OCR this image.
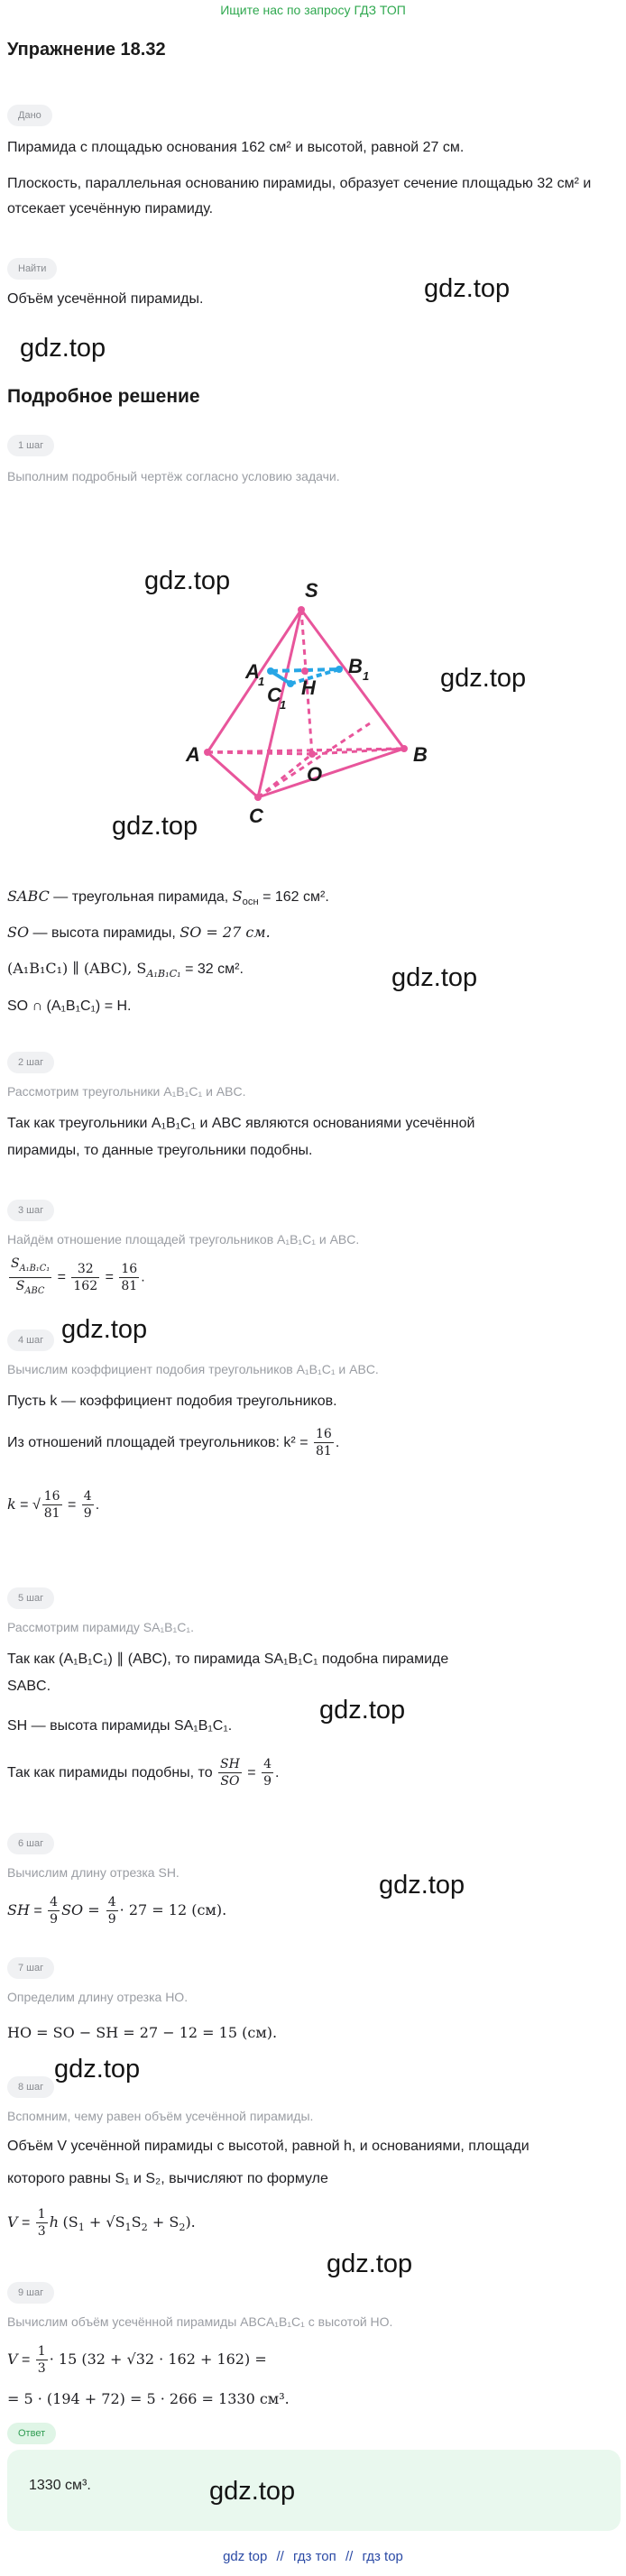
Ищите нас по запросу ГДЗ ТОП
Упражнение 18.32
Дано
Пирамида с площадью основания 162 см² и высотой, равной 27 см.
Плоскость, параллельная основанию пирамиды, образует сечение площадью 32 см² и отсекает усечённую пирамиду.
Найти
Объём усечённой пирамиды.	gdz.top
gdz.top
Подробное решение
1 шаг
Выполним подробный чертёж согласно условию задачи.
gdz.top
gdz.top
gdz.top
S
A
1
B 1
C
1
H
A	B
C
O
SABC — треугольная пирамида, $S_{осн} = 162$ см².
SO — высота пирамиды, SO = 27 см.
(A₁B₁C₁) ∥ (ABC), $S_{A_1B_1C_1} = 32$ см².
SO ∩ (A₁B₁C₁) = H.
gdz.top
2 шаг
Рассмотрим треугольники A₁B₁C₁ и ABC.
Так как треугольники A₁B₁C₁ и ABC являются основаниями усечённой
пирамиды, то данные треугольники подобны.
3 шаг
Найдём отношение площадей треугольников A₁B₁C₁ и ABC.
$\frac{S_{A_1B_1C_1}}{S_{ABC}} = \frac{32}{162} = \frac{16}{81}$ .
gdz.top
4 шаг
Вычислим коэффициент подобия треугольников A₁B₁C₁ и ABC.
Пусть k — коэффициент подобия треугольников.
Из отношений площадей треугольников: $k^2 = \frac{16}{81}$ .
k = √ $\frac{16}{81} = \frac{4}{9}$ .
5 шаг
Рассмотрим пирамиду SA₁B₁C₁.
Так как (A₁B₁C₁) ∥ (ABC), то пирамида SA₁B₁C₁ подобна пирамиде
SABC.
SH — высота пирамиды SA₁B₁C₁.
Так как пирамиды подобны, то $\frac{SH}{SO} = \frac{4}{9}$ .
gdz.top
6 шаг
Вычислим длину отрезка SH.
SH = $\frac{4}{9}$ SO = $\frac{4}{9} \cdot 27 = 12$ (см).
gdz.top
7 шаг
Определим длину отрезка HO.
HO = SO − SH = 27 − 12 = 15 (см).
gdz.top
8 шаг
Вспомним, чему равен объём усечённой пирамиды.
Объём V усечённой пирамиды с высотой, равной h, и основаниями, площади
которого равны S₁ и S₂, вычисляют по формуле
$V = \frac{1}{3}$ h $(S_1 + √S_1S_2 + S_2)$.
gdz.top
9 шаг
Вычислим объём усечённой пирамиды ABCA₁B₁C₁ с высотой HO.
$V = \frac{1}{3} \cdot 15$ (32 + √32 · 162 + 162) =
= 5 · (194 + 72) = 5 · 266 = 1330 см³.
Ответ
1330 см³.	gdz.top
gdz top // гдз топ // гдз top
